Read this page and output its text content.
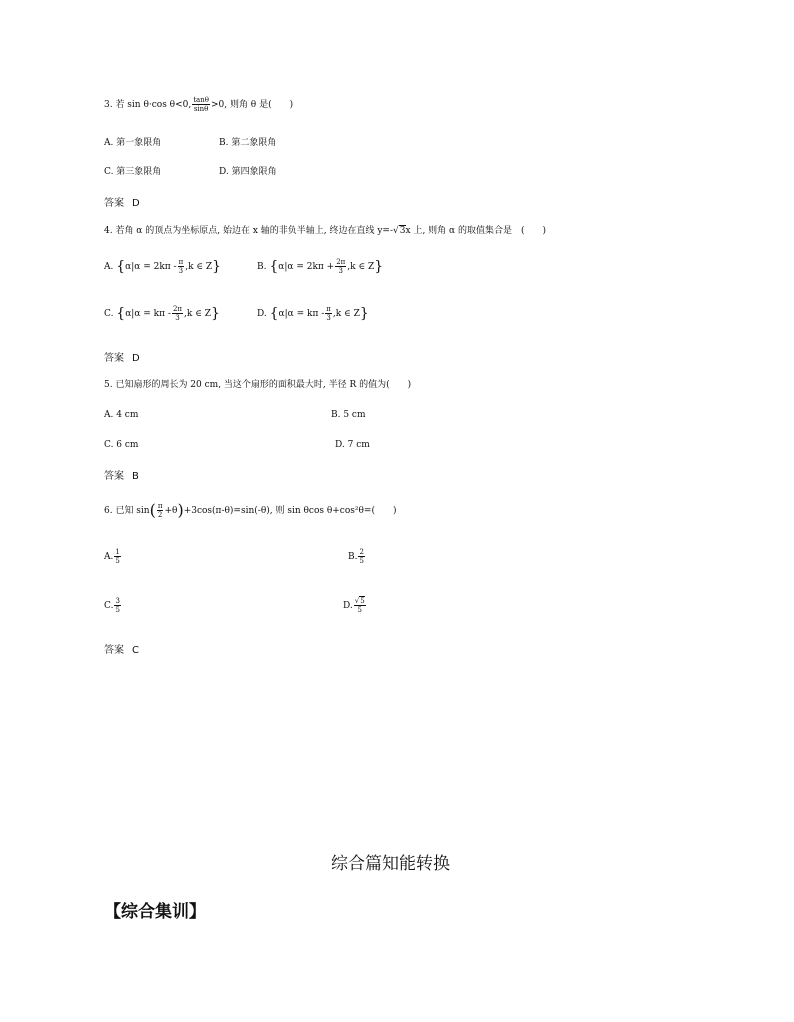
3. 若 sin θ·cos θ<0, $\frac{\tan\theta}{\sin\theta} >0$, 则角 θ 是(　　)
A. 第一象限角	B. 第二象限角
C. 第三象限角	D. 第四象限角
答案 D
4. 若角 α 的顶点为坐标原点, 始边在 x 轴的非负半轴上, 终边在直线 y=-√3x 上, 则角 α 的取值集合是　(　　)
A. {$\alpha|\alpha = 2k\pi - \frac{\pi}{3} ,k$ ∈ Z}	B. {$\alpha|\alpha = 2k\pi + \frac{2\pi}{3} ,k$ ∈ Z}
C. {$\alpha|\alpha = k\pi - \frac{2\pi}{3} ,k$ ∈ Z}	D. {$\alpha|\alpha = k\pi - \frac{\pi}{3} ,k$ ∈ Z}
答案 D
5. 已知扇形的周长为 20 cm, 当这个扇形的面积最大时, 半径 R 的值为(　　)
A. 4 cm	B. 5 cm
C. 6 cm	D. 7 cm
答案 B
6. 已知 $\sin( \frac{\pi}{2} +\theta)+3\cos(\pi-\theta)=\sin(-\theta)$, 则 sin θcos θ+cos²θ=(　　)
A. $\frac{1}{5}$	B. $\frac{2}{5}$
C. $\frac{3}{5}$	D. $\frac{√5}{5}$
答案 C
综合篇知能转换
【综合集训】
